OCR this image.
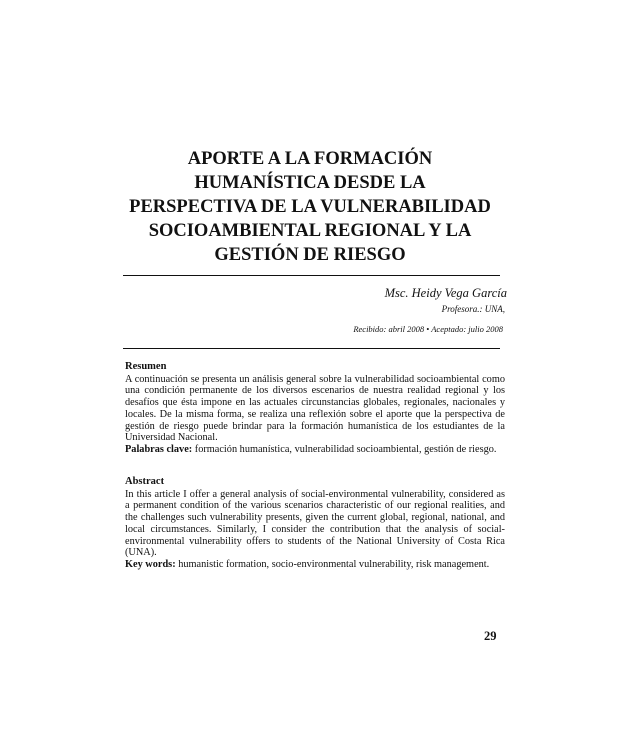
APORTE A LA FORMACIÓN
HUMANÍSTICA DESDE LA
PERSPECTIVA DE LA VULNERABILIDAD
SOCIOAMBIENTAL REGIONAL Y LA
GESTIÓN DE RIESGO
Msc. Heidy Vega García
Profesora.: UNA,
Recibido: abril 2008 • Aceptado: julio 2008
Resumen

A continuación se presenta un análisis general sobre la vulnerabilidad socioambiental como una condición permanente de los diversos escenarios de nuestra realidad regional y los desafíos que ésta impone en las actuales circunstancias globales, regionales, nacionales y locales. De la misma forma, se realiza una reflexión sobre el aporte que la perspectiva de gestión de riesgo puede brindar para la formación humanística de los estudiantes de la Universidad Nacional.

Palabras clave: formación humanística, vulnerabilidad socioambiental, gestión de riesgo.

Abstract

In this article I offer a general analysis of social-environmental vulnerability, considered as a permanent condition of the various scenarios characteristic of our regional realities, and the challenges such vulnerability presents, given the current global, regional, national, and local circumstances. Similarly, I consider the contribution that the analysis of social-environmental vulnerability offers to students of the National University of Costa Rica (UNA).

Key words: humanistic formation, socio-environmental vulnerability, risk management.

29
